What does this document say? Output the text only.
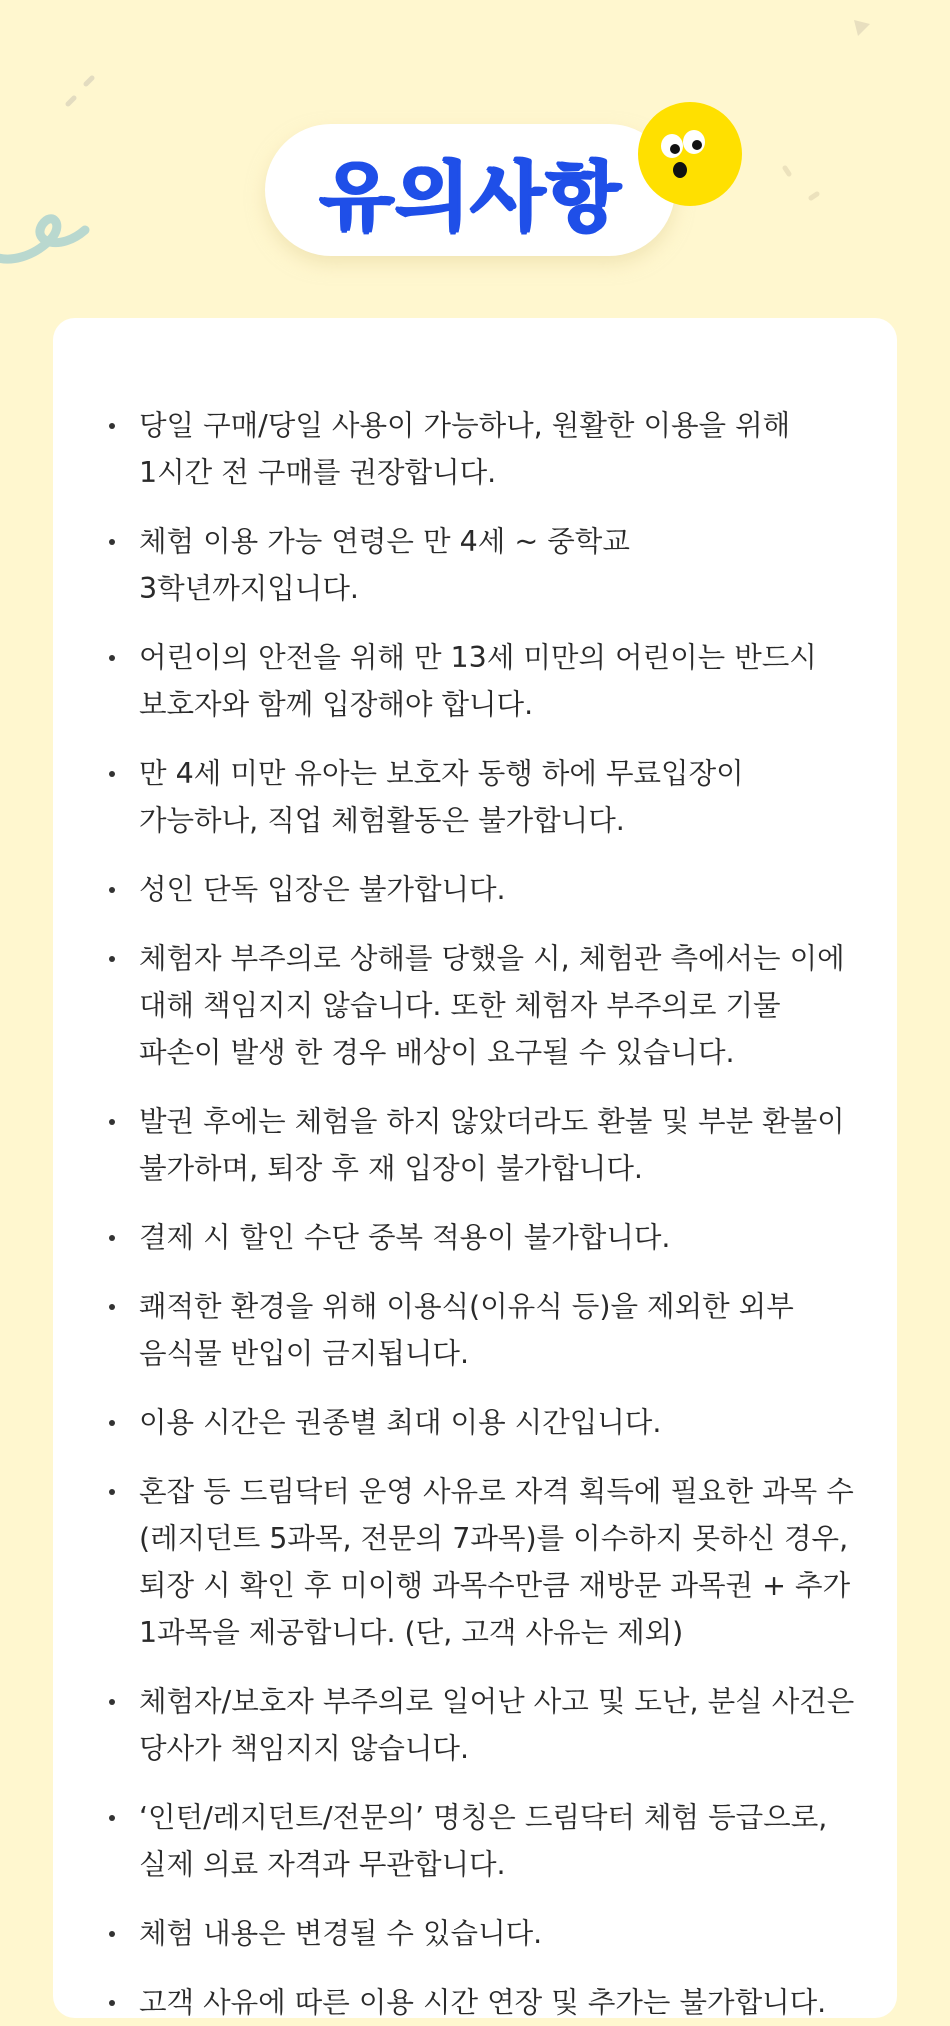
유의사항
당일 구매/당일 사용이 가능하나, 원활한 이용을 위해 1시간 전 구매를 권장합니다.
체험 이용 가능 연령은 만 4세 ~ 중학교 3학년까지입니다.
어린이의 안전을 위해 만 13세 미만의 어린이는 반드시 보호자와 함께 입장해야 합니다.
만 4세 미만 유아는 보호자 동행 하에 무료입장이 가능하나, 직업 체험활동은 불가합니다.
성인 단독 입장은 불가합니다.
체험자 부주의로 상해를 당했을 시, 체험관 측에서는 이에 대해 책임지지 않습니다. 또한 체험자 부주의로 기물 파손이 발생 한 경우 배상이 요구될 수 있습니다.
발권 후에는 체험을 하지 않았더라도 환불 및 부분 환불이 불가하며, 퇴장 후 재 입장이 불가합니다.
결제 시 할인 수단 중복 적용이 불가합니다.
쾌적한 환경을 위해 이용식(이유식 등)을 제외한 외부 음식물 반입이 금지됩니다.
이용 시간은 권종별 최대 이용 시간입니다.
혼잡 등 드림닥터 운영 사유로 자격 획득에 필요한 과목 수(레지던트 5과목, 전문의 7과목)를 이수하지 못하신 경우, 퇴장 시 확인 후 미이행 과목수만큼 재방문 과목권 + 추가 1과목을 제공합니다. (단, 고객 사유는 제외)
체험자/보호자 부주의로 일어난 사고 및 도난, 분실 사건은 당사가 책임지지 않습니다.
‘인턴/레지던트/전문의’ 명칭은 드림닥터 체험 등급으로, 실제 의료 자격과 무관합니다.
체험 내용은 변경될 수 있습니다.
고객 사유에 따른 이용 시간 연장 및 추가는 불가합니다.
